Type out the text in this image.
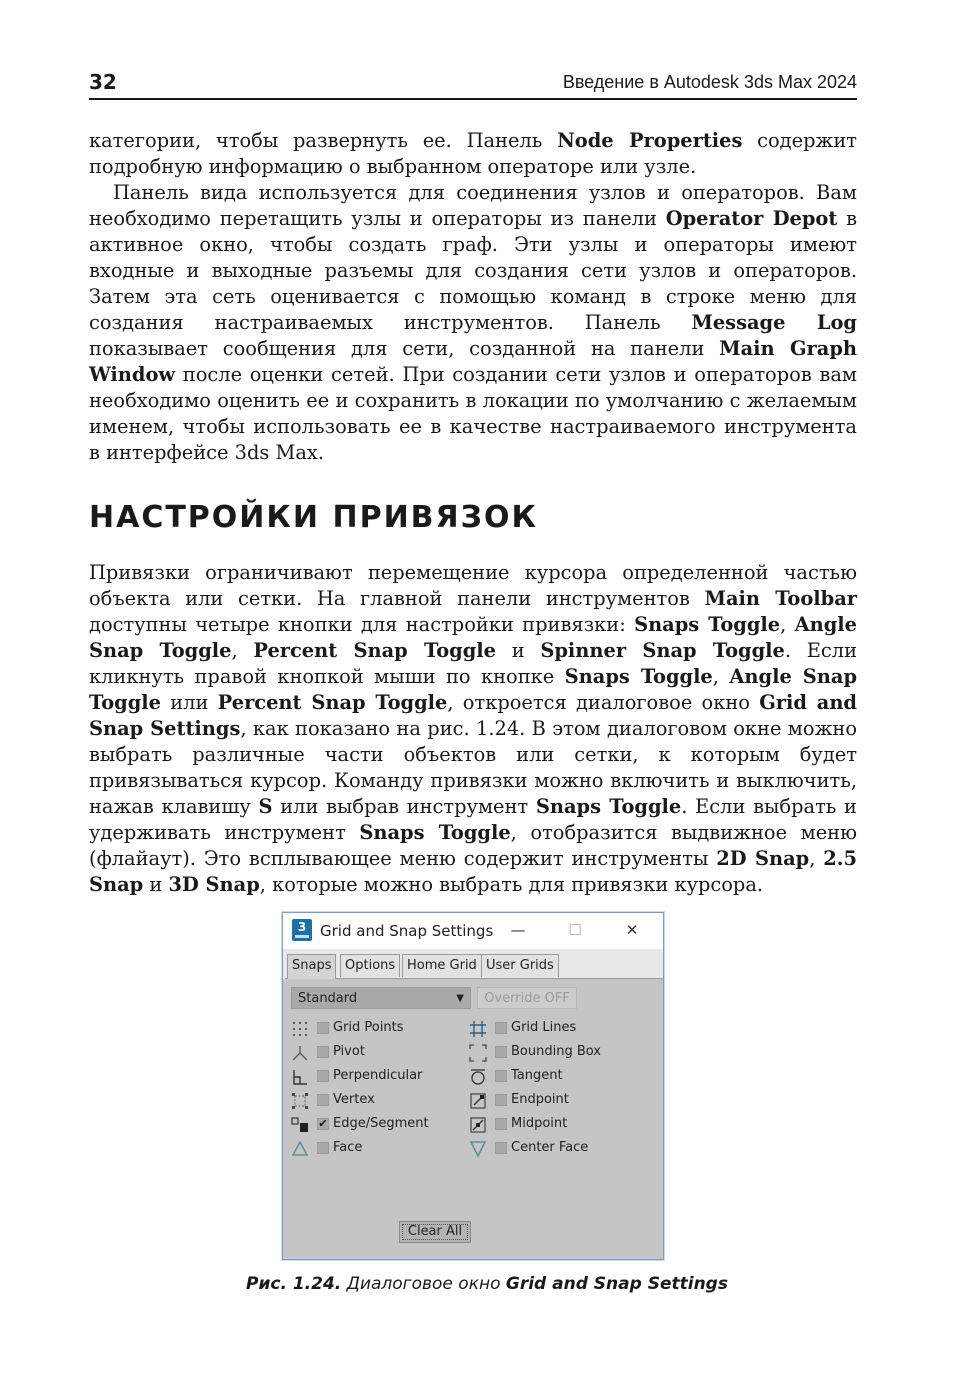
32	Введение в Autodesk 3ds Max 2024

категории, чтобы развернуть ее. Панель Node Properties содержит подробную информацию о выбранном операторе или узле.

Панель вида используется для соединения узлов и операторов. Вам необходимо перетащить узлы и операторы из панели Operator Depot в активное окно, чтобы создать граф. Эти узлы и операторы имеют входные и выходные разъемы для создания сети узлов и операторов. Затем эта сеть оценивается с помощью команд в строке меню для создания настраиваемых инструментов. Панель Message Log показывает сообщения для сети, созданной на панели Main Graph Window после оценки сетей. При создании сети узлов и операторов вам необходимо оценить ее и сохранить в локации по умолчанию с желаемым именем, чтобы использовать ее в качестве настраиваемого инструмента в интерфейсе 3ds Max.

НАСТРОЙКИ ПРИВЯЗОК

Привязки ограничивают перемещение курсора определенной частью объекта или сетки. На главной панели инструментов Main Toolbar доступны четыре кнопки для настройки привязки: Snaps Toggle, Angle Snap Toggle, Percent Snap Toggle и Spinner Snap Toggle. Если кликнуть правой кнопкой мыши по кнопке Snaps Toggle, Angle Snap Toggle или Percent Snap Toggle, откроется диалоговое окно Grid and Snap Settings, как показано на рис. 1.24. В этом диалоговом окне можно выбрать различные части объектов или сетки, к которым будет привязываться курсор. Команду привязки можно включить и выключить, нажав клавишу S или выбрав инструмент Snaps Toggle. Если выбрать и удерживать инструмент Snaps Toggle, отобразится выдвижное меню (флайаут). Это всплывающее меню содержит инструменты 2D Snap, 2.5 Snap и 3D Snap, которые можно выбрать для привязки курсора.

3 Grid and Snap Settings	—	☐	✕
Snaps	Options Home Grid User Grids
Standard	▼	Override OFF
Grid Points
Pivot
Perpendicular
Vertex
✔ Edge/Segment
Face
Grid Lines
Bounding Box
Tangent
Endpoint
Midpoint
Center Face
Clear All
Рис. 1.24. Диалоговое окно Grid and Snap Settings
